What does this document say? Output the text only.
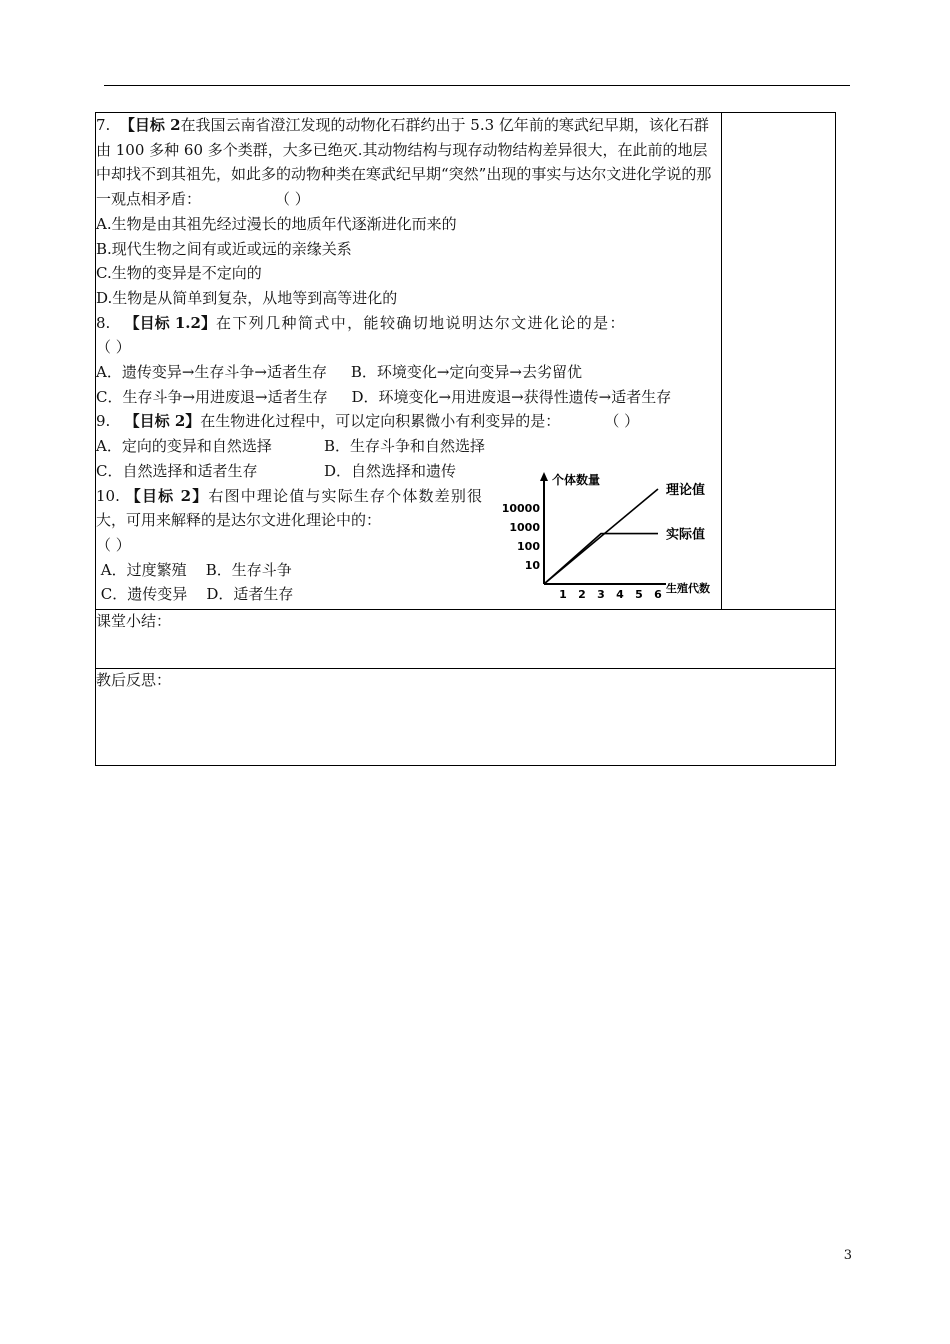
7. 【目标 2在我国云南省澄江发现的动物化石群约出于 5.3 亿年前的寒武纪早期，该化石群由 100 多种 60 多个类群，大多已绝灭.其动物结构与现存动物结构差异很大，在此前的地层中却找不到其祖先，如此多的动物种类在寒武纪早期“突然”出现的事实与达尔文进化学说的那一观点相矛盾：	（ ）

A.生物是由其祖先经过漫长的地质年代逐渐进化而来的

B.现代生物之间有或近或远的亲缘关系

C.生物的变异是不定向的

D.生物是从简单到复杂，从地等到高等进化的

8. 【目标 1.2】在下列几种简式中，能较确切地说明达尔文进化论的是：
（ ）

A．遗传变异→生存斗争→适者生存 B．环境变化→定向变异→去劣留优

C．生存斗争→用进废退→适者生存 D．环境变化→用进废退→获得性遗传→适者生存

9. 【目标 2】在生物进化过程中，可以定向积累微小有利变异的是：	（ ）

A．定向的变异和自然选择	B．生存斗争和自然选择

C．自然选择和适者生存	D．自然选择和遗传

10. 【目标 2】右图中理论值与实际生存个体数差别很大，可用来解释的是达尔文进化理论中的：
（ ）

A．过度繁殖 B．生存斗争

C．遗传变异 D．适者生存	1 2 3 4 5 6
10
100
1000
10000
理论值
实际值
个体数量
生殖代数

课堂小结：
教后反思：
3
